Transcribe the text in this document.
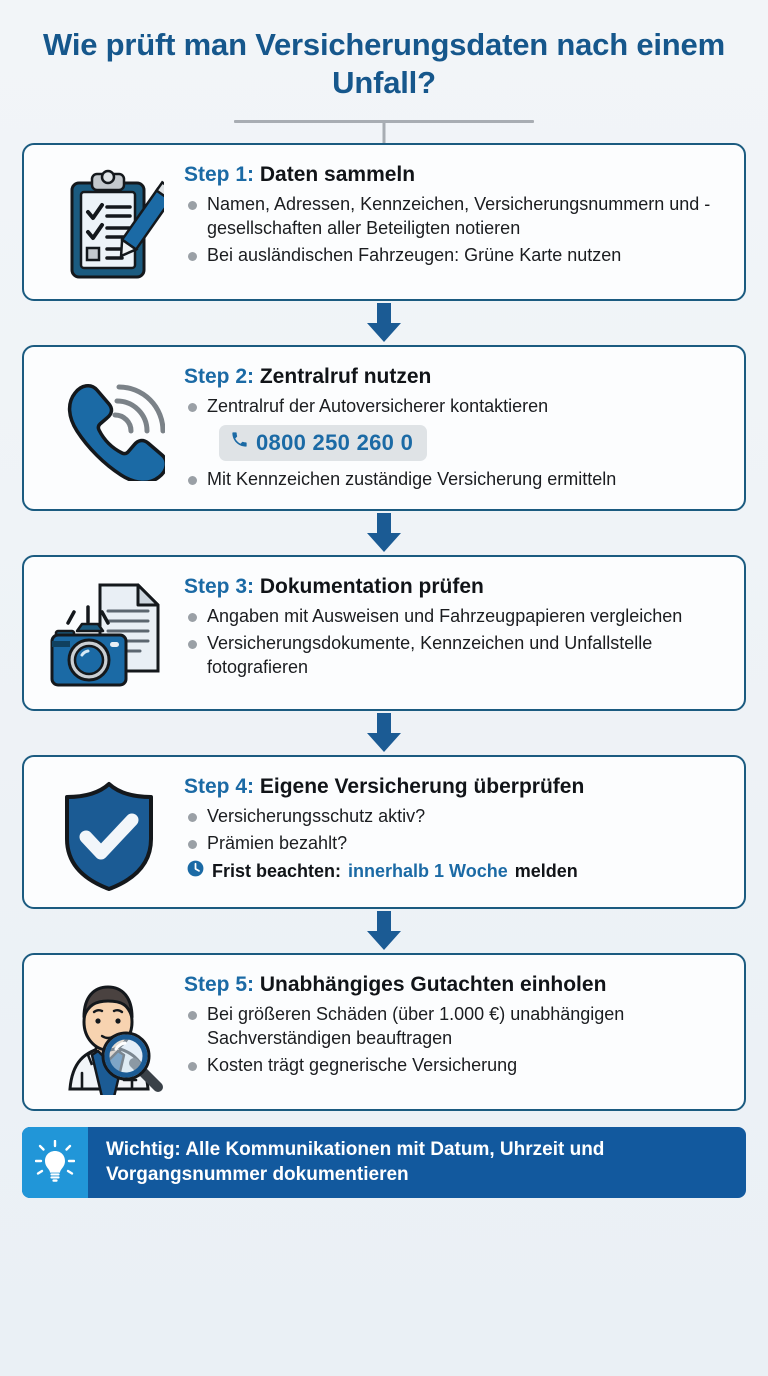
Wie prüft man Versicherungsdaten nach einem Unfall?
Step 1: Daten sammeln
Namen, Adressen, Kennzeichen, Versicherungsnummern und -gesellschaften aller Beteiligten notieren
Bei ausländischen Fahrzeugen: Grüne Karte nutzen
Step 2: Zentralruf nutzen
Zentralruf der Autoversicherer kontaktieren
0800 250 260 0
Mit Kennzeichen zuständige Versicherung ermitteln
Step 3: Dokumentation prüfen
Angaben mit Ausweisen und Fahrzeugpapieren vergleichen
Versicherungsdokumente, Kennzeichen und Unfallstelle fotografieren
Step 4: Eigene Versicherung überprüfen
Versicherungsschutz aktiv?
Prämien bezahlt?
Frist beachten: innerhalb 1 Woche melden
Step 5: Unabhängiges Gutachten einholen
Bei größeren Schäden (über 1.000 €) unabhängigen Sachverständigen beauftragen
Kosten trägt gegnerische Versicherung
Wichtig: Alle Kommunikationen mit Datum, Uhrzeit und Vorgangsnummer dokumentieren
